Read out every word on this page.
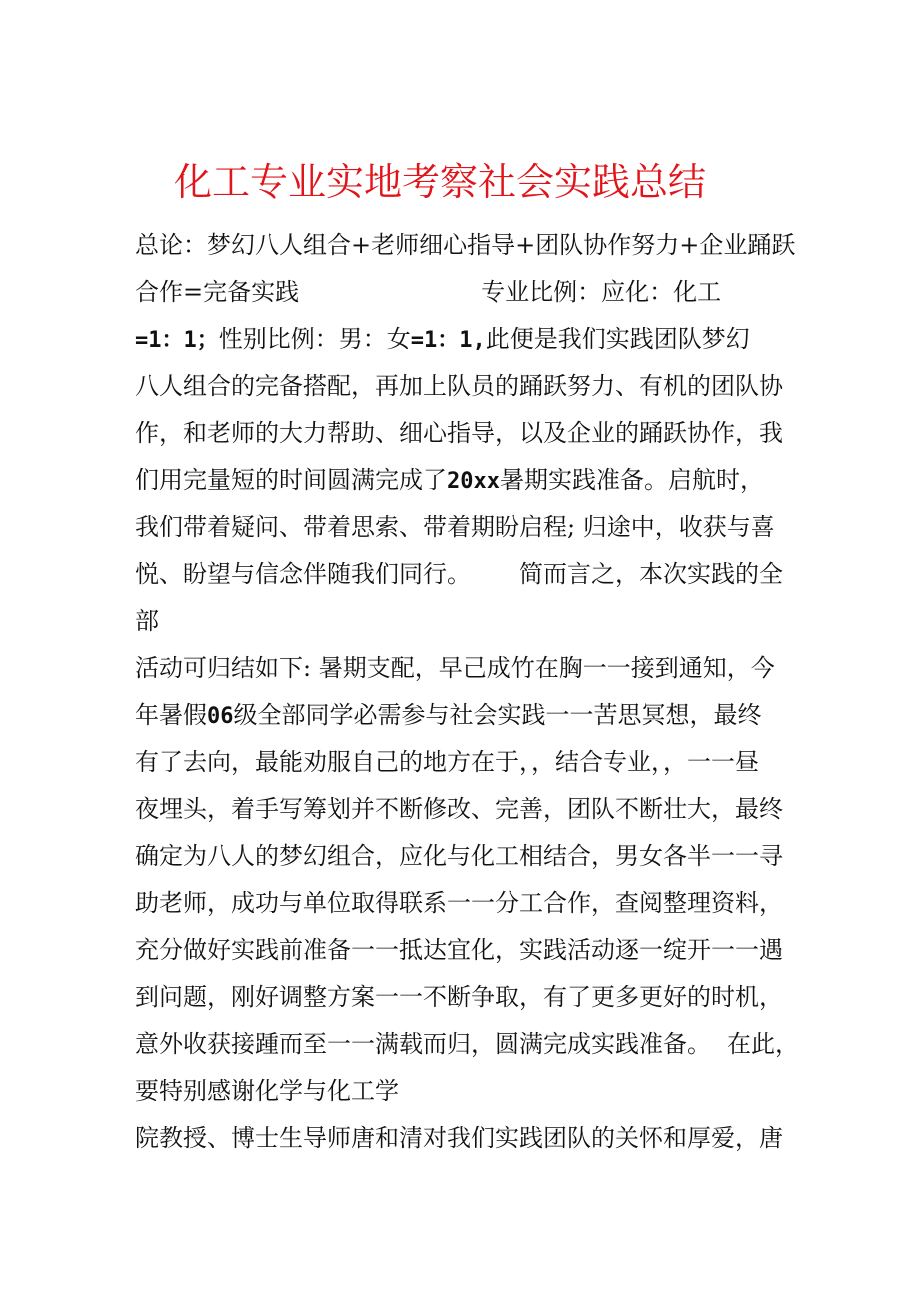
化工专业实地考察社会实践总结
总论：梦幻八人组合+老师细心指导+团队协作努力+企业踊跃
合作=完备实践	专业比例：应化：化工
=1：1；性别比例：男：女=1：1,此便是我们实践团队梦幻
八人组合的完备搭配，再加上队员的踊跃努力、有机的团队协
作，和老师的大力帮助、细心指导，以及企业的踊跃协作，我
们用完量短的时间圆满完成了20xx暑期实践准备。启航时，
我们带着疑问、带着思索、带着期盼启程; 归途中，收获与喜
悦、盼望与信念伴随我们同行。 简而言之，本次实践的全
部
活动可归结如下: 暑期支配，早己成竹在胸一一接到通知，今
年暑假06级全部同学必需参与社会实践一一苦思冥想，最终
有了去向，最能劝服自己的地方在于，，结合专业，，一一昼
夜埋头，着手写筹划并不断修改、完善，团队不断壮大，最终
确定为八人的梦幻组合，应化与化工相结合，男女各半一一寻
助老师，成功与单位取得联系一一分工合作，查阅整理资料，
充分做好实践前准备一一抵达宜化，实践活动逐一绽开一一遇
到问题，刚好调整方案一一不断争取，有了更多更好的时机，
意外收获接踵而至一一满载而归，圆满完成实践准备。 在此，
要特别感谢化学与化工学
院教授、博士生导师唐和清对我们实践团队的关怀和厚爱，唐
